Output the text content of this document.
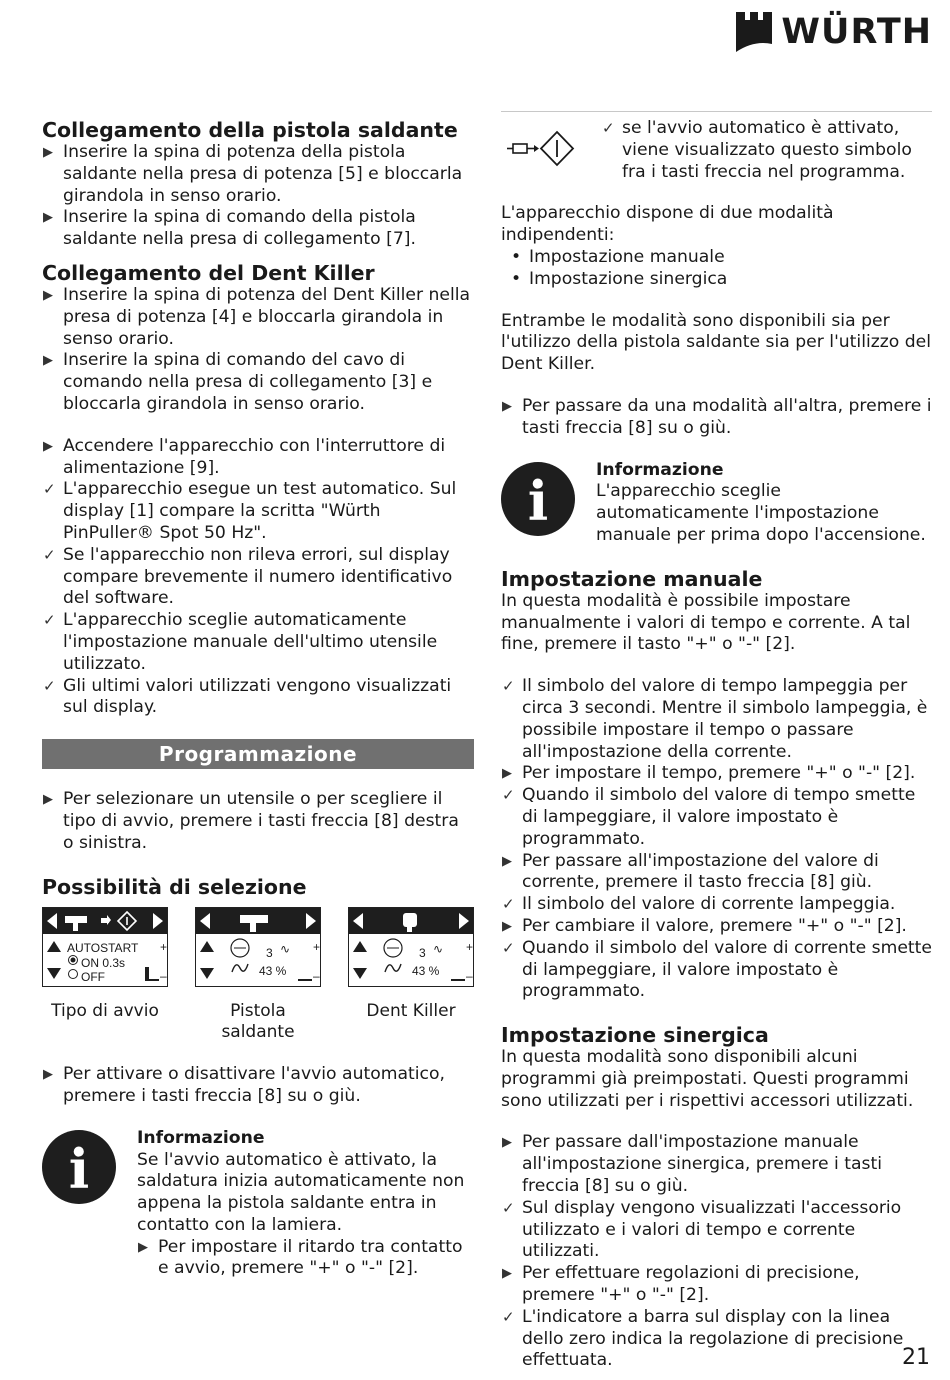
WÜRTH
Collegamento della pistola saldante
▶ Inserire la spina di potenza della pistola saldante nella presa di potenza [5] e bloccarla girandola in senso orario.
▶ Inserire la spina di comando della pistola saldante nella presa di collegamento [7].
Collegamento del Dent Killer
▶ Inserire la spina di potenza del Dent Killer nella presa di potenza [4] e bloccarla girandola in senso orario.
▶ Inserire la spina di comando del cavo di comando nella presa di collegamento [3] e bloccarla girandola in senso orario.
▶ Accendere l'apparecchio con l'interruttore di alimentazione [9].
✓ L'apparecchio esegue un test automatico. Sul display [1] compare la scritta "Würth PinPuller® Spot 50 Hz".
✓ Se l'apparecchio non rileva errori, sul display compare brevemente il numero identificativo del software.
✓ L'apparecchio sceglie automaticamente l'impostazione manuale dell'ultimo utensile utilizzato.
✓ Gli ultimi valori utilizzati vengono visualizzati sul display.
Programmazione
▶ Per selezionare un utensile o per scegliere il tipo di avvio, premere i tasti freccia [8] destra o sinistra.
Possibilità di selezione
+
–
AUTOSTART
ON 0.3s
OFF
Tipo di avvio
+
–
∿
3
43 %
Pistola saldante
+
–
∿
3
43 %
Dent Killer
▶ Per attivare o disattivare l'avvio automatico, premere i tasti freccia [8] su o giù.
i	Informazione
Se l'avvio automatico è attivato, la saldatura inizia automaticamente non appena la pistola saldante entra in contatto con la lamiera.
▶ Per impostare il ritardo tra contatto e avvio, premere "+" o "-" [2].
✓ se l'avvio automatico è attivato, viene visualizzato questo simbolo fra i tasti freccia nel programma.
L'apparecchio dispone di due modalità indipendenti:
• Impostazione manuale
• Impostazione sinergica
Entrambe le modalità sono disponibili sia per l'utilizzo della pistola saldante sia per l'utilizzo del Dent Killer.
▶ Per passare da una modalità all'altra, premere i tasti freccia [8] su o giù.
i	Informazione
L'apparecchio sceglie automaticamente l'impostazione manuale per prima dopo l'accensione.
Impostazione manuale
In questa modalità è possibile impostare manualmente i valori di tempo e corrente. A tal fine, premere il tasto "+" o "-" [2].
✓ Il simbolo del valore di tempo lampeggia per circa 3 secondi. Mentre il simbolo lampeggia, è possibile impostare il tempo o passare all'impostazione della corrente.
▶ Per impostare il tempo, premere "+" o "-" [2].
✓ Quando il simbolo del valore di tempo smette di lampeggiare, il valore impostato è programmato.
▶ Per passare all'impostazione del valore di corrente, premere il tasto freccia [8] giù.
✓ Il simbolo del valore di corrente lampeggia.
▶ Per cambiare il valore, premere "+" o "-" [2].
✓ Quando il simbolo del valore di corrente smette di lampeggiare, il valore impostato è programmato.
Impostazione sinergica
In questa modalità sono disponibili alcuni programmi già preimpostati. Questi programmi sono utilizzati per i rispettivi accessori utilizzati.
▶ Per passare dall'impostazione manuale all'impostazione sinergica, premere i tasti freccia [8] su o giù.
✓ Sul display vengono visualizzati l'accessorio utilizzato e i valori di tempo e corrente utilizzati.
▶ Per effettuare regolazioni di precisione, premere "+" o "-" [2].
✓ L'indicatore a barra sul display con la linea dello zero indica la regolazione di precisione effettuata.	21
